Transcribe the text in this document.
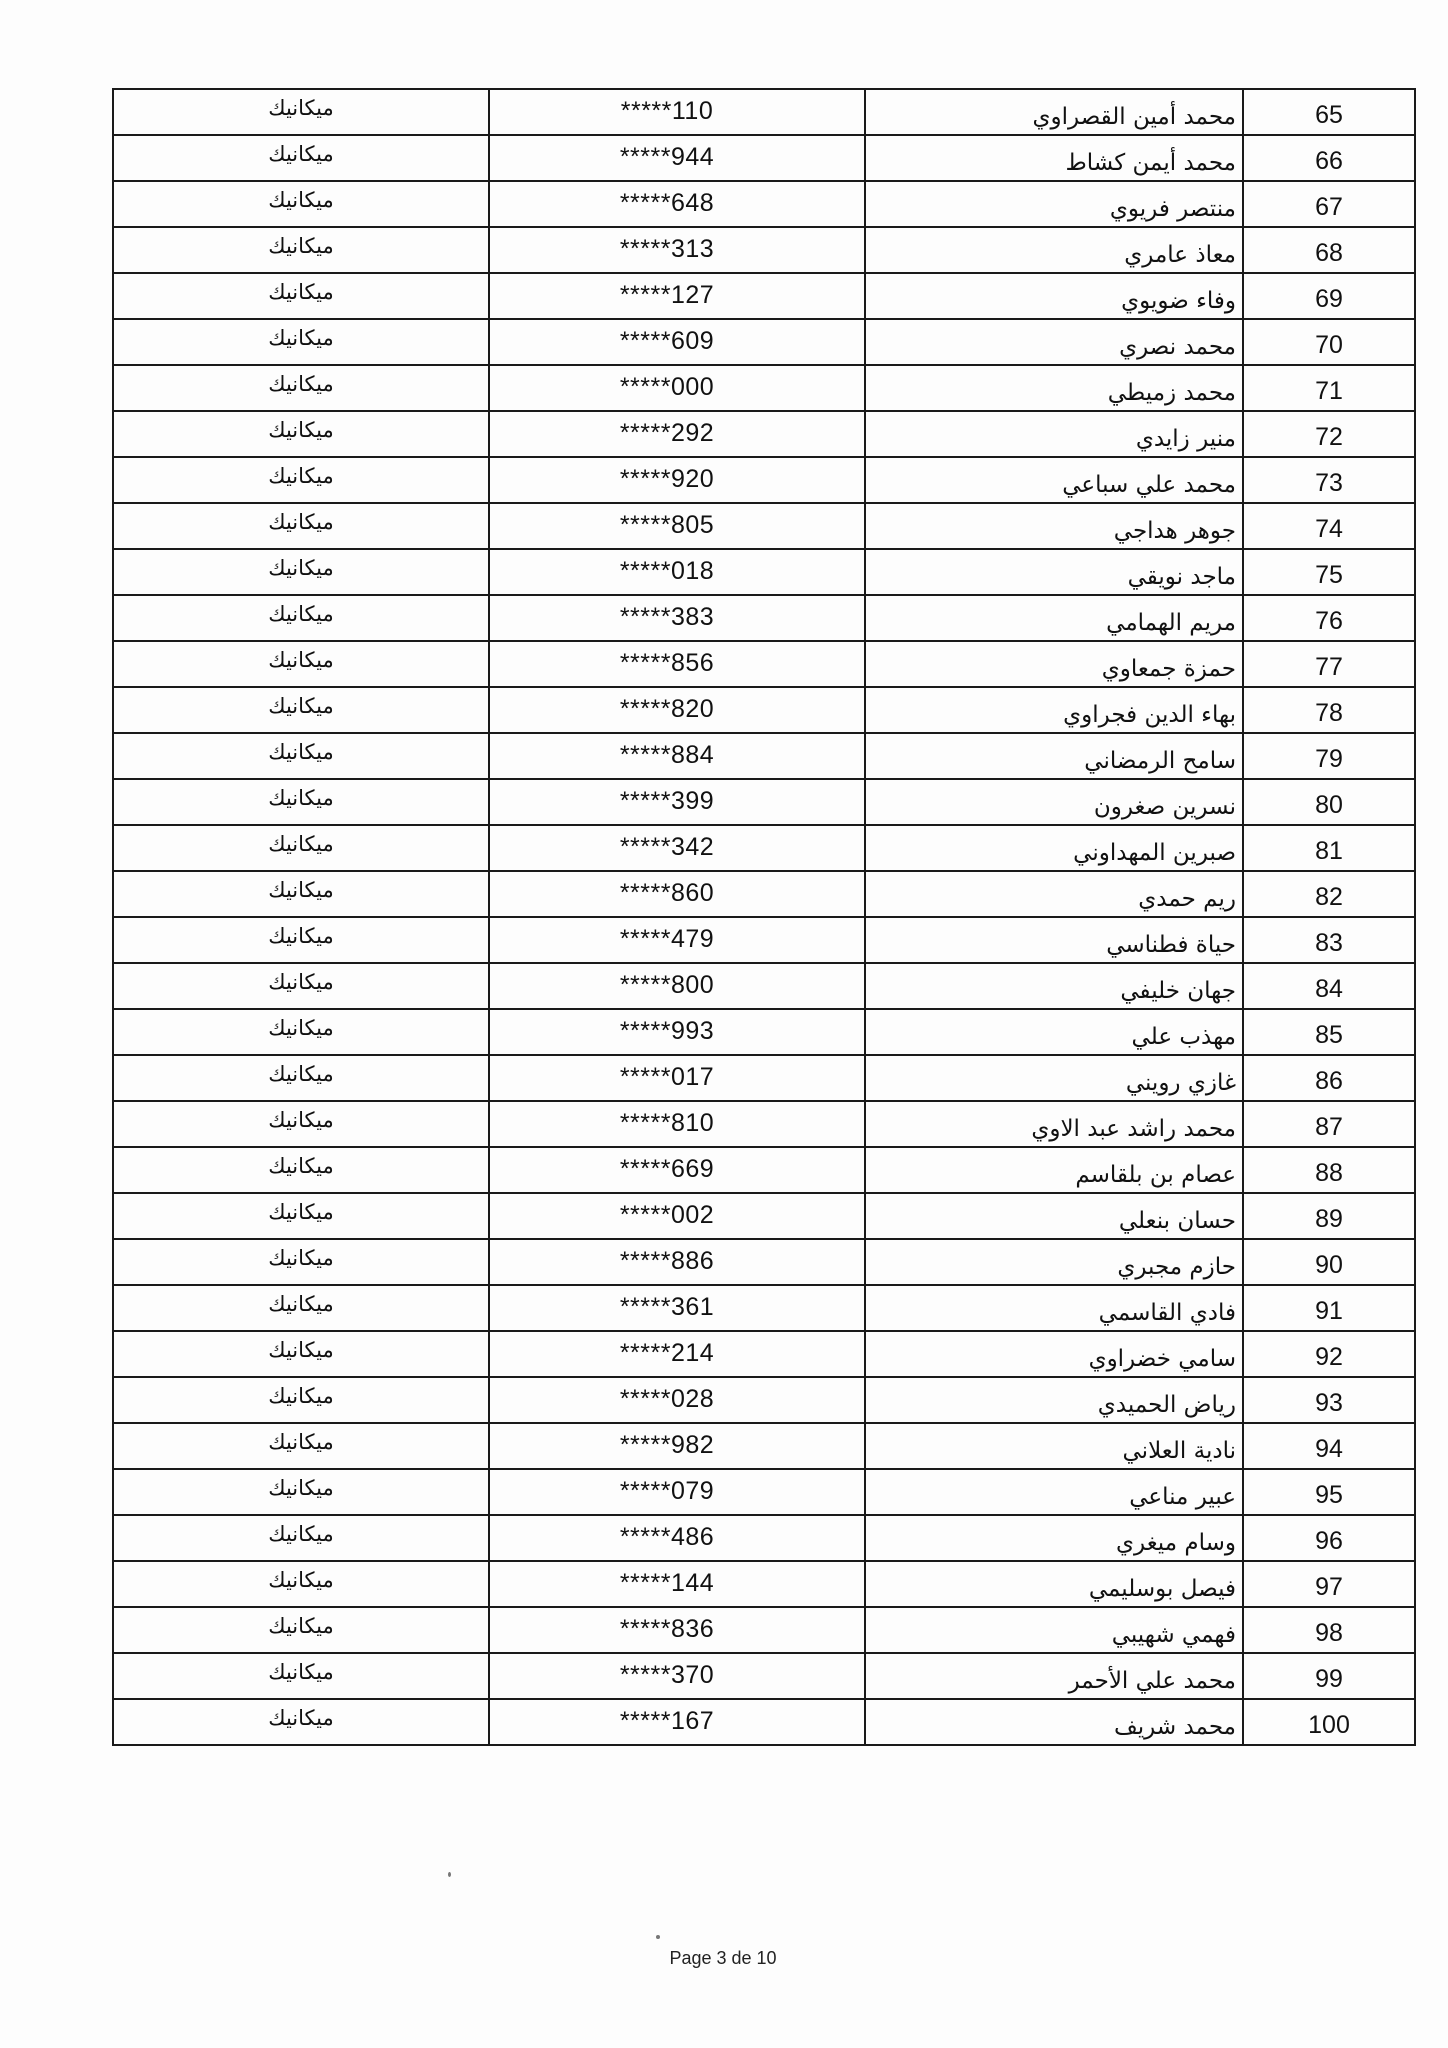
ميكانيك	*****110	محمد أمين القصراوي	65
ميكانيك	*****944	محمد أيمن كشاط	66
ميكانيك	*****648	منتصر فريوي	67
ميكانيك	*****313	معاذ عامري	68
ميكانيك	*****127	وفاء ضويوي	69
ميكانيك	*****609	محمد نصري	70
ميكانيك	*****000	محمد زميطي	71
ميكانيك	*****292	منير زايدي	72
ميكانيك	*****920	محمد علي سباعي	73
ميكانيك	*****805	جوهر هداجي	74
ميكانيك	*****018	ماجد نويقي	75
ميكانيك	*****383	مريم الهمامي	76
ميكانيك	*****856	حمزة جمعاوي	77
ميكانيك	*****820	بهاء الدين فجراوي	78
ميكانيك	*****884	سامح الرمضاني	79
ميكانيك	*****399	نسرين صغرون	80
ميكانيك	*****342	صبرين المهداوني	81
ميكانيك	*****860	ريم حمدي	82
ميكانيك	*****479	حياة فطناسي	83
ميكانيك	*****800	جهان خليفي	84
ميكانيك	*****993	مهذب علي	85
ميكانيك	*****017	غازي رويني	86
ميكانيك	*****810	محمد راشد عبد الاوي	87
ميكانيك	*****669	عصام بن بلقاسم	88
ميكانيك	*****002	حسان بنعلي	89
ميكانيك	*****886	حازم مجبري	90
ميكانيك	*****361	فادي القاسمي	91
ميكانيك	*****214	سامي خضراوي	92
ميكانيك	*****028	رياض الحميدي	93
ميكانيك	*****982	نادية العلاني	94
ميكانيك	*****079	عبير مناعي	95
ميكانيك	*****486	وسام ميغري	96
ميكانيك	*****144	فيصل بوسليمي	97
ميكانيك	*****836	فهمي شهيبي	98
ميكانيك	*****370	محمد علي الأحمر	99
ميكانيك	*****167	محمد شريف	100
Page 3 de 10
